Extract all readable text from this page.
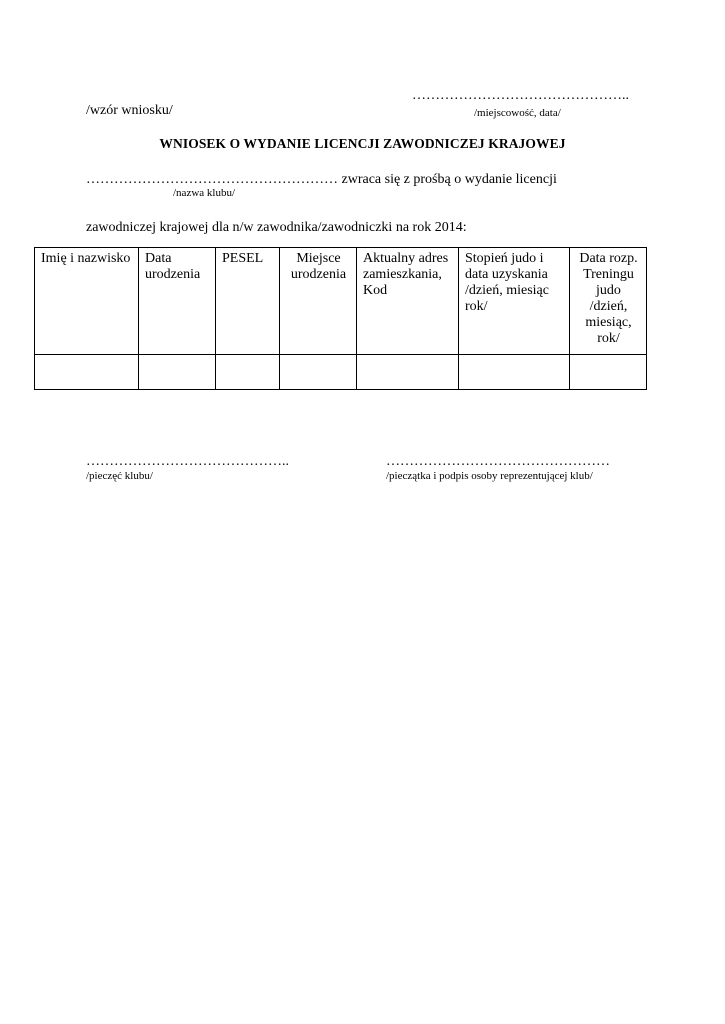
………………………………………..
/wzór wniosku/	/miejscowość, data/
WNIOSEK O WYDANIE LICENCJI ZAWODNICZEJ KRAJOWEJ
……………………………………………… zwraca się z prośbą o wydanie licencji
/nazwa klubu/
zawodniczej krajowej dla n/w zawodnika/zawodniczki na rok 2014:
Imię i nazwisko	Data urodzenia	PESEL	Miejsce urodzenia	Aktualny adres zamieszkania, Kod	Stopień judo i data uzyskania /dzień, miesiąc rok/	Data rozp. Treningu judo /dzień, miesiąc, rok/

……………………………………..
/pieczęć klubu/
…………………………………………
/pieczątka i podpis osoby reprezentującej klub/
